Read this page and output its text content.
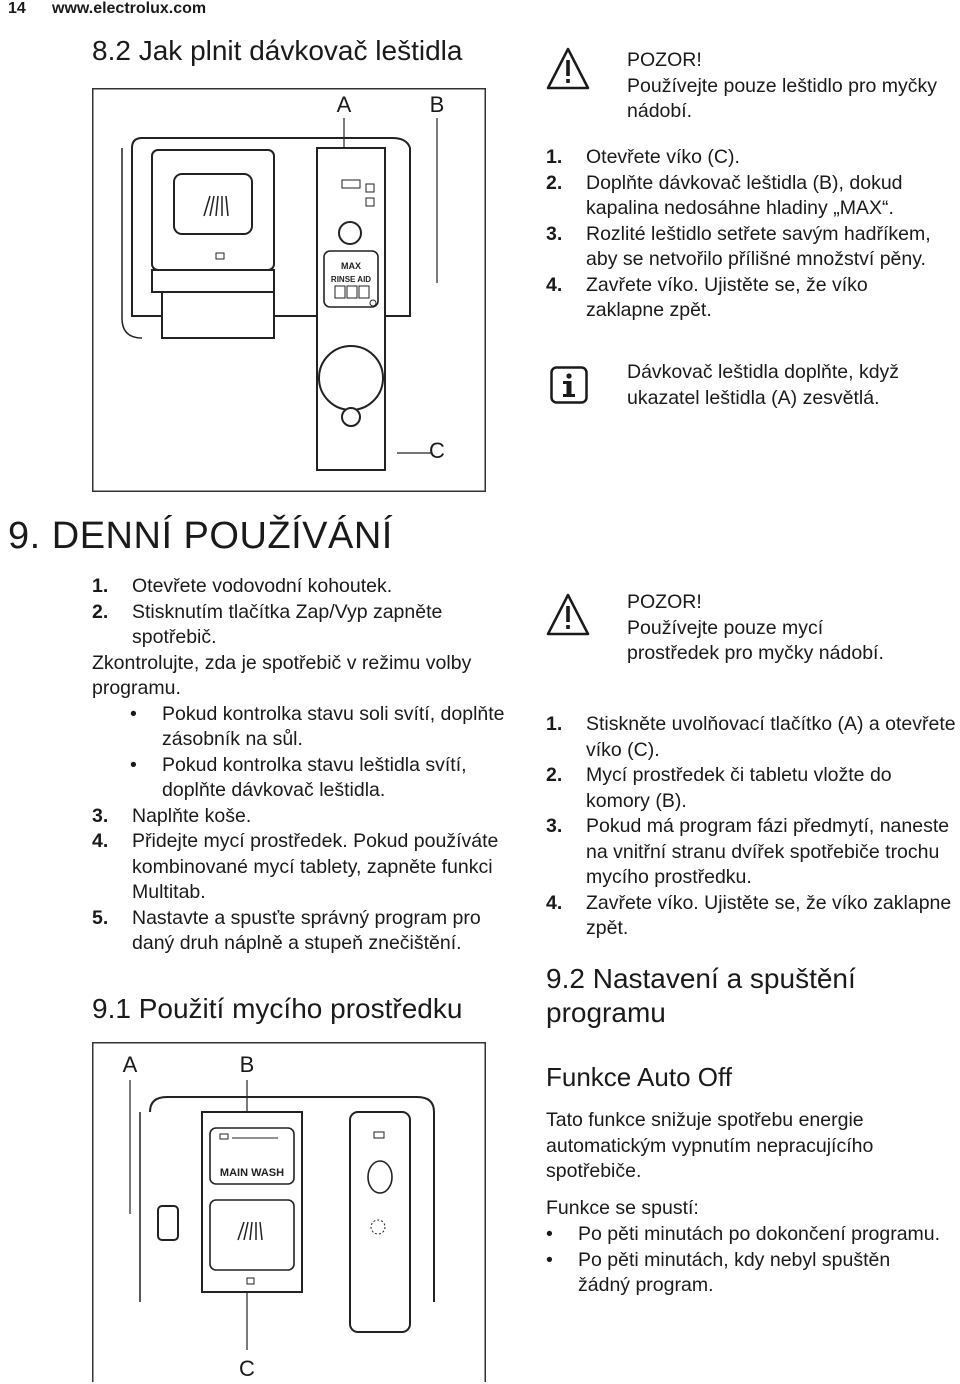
14 www.electrolux.com
8.2 Jak plnit dávkovač leštidla
A	B
C
MAX
RINSE AID
POZOR!
Používejte pouze leštidlo pro myčky nádobí.
1. Otevřete víko (C).
2. Doplňte dávkovač leštidla (B), dokud kapalina nedosáhne hladiny „MAX“.
3. Rozlité leštidlo setřete savým hadříkem, aby se netvořilo přílišné množství pěny.
4. Zavřete víko. Ujistěte se, že víko zaklapne zpět.
Dávkovač leštidla doplňte, když ukazatel leštidla (A) zesvětlá.
9. DENNÍ POUŽÍVÁNÍ
1. Otevřete vodovodní kohoutek.
2. Stisknutím tlačítka Zap/Vyp zapněte spotřebič.
Zkontrolujte, zda je spotřebič v režimu volby programu.
• Pokud kontrolka stavu soli svítí, doplňte zásobník na sůl.
• Pokud kontrolka stavu leštidla svítí, doplňte dávkovač leštidla.
3. Naplňte koše.
4. Přidejte mycí prostředek. Pokud používáte kombinované mycí tablety, zapněte funkci Multitab.
5. Nastavte a spusťte správný program pro daný druh náplně a stupeň znečištění.
9.1 Použití mycího prostředku
A	B
C
MAIN WASH
POZOR!
Používejte pouze mycí prostředek pro myčky nádobí.
1. Stiskněte uvolňovací tlačítko (A) a otevřete víko (C).
2. Mycí prostředek či tabletu vložte do komory (B).
3. Pokud má program fázi předmytí, naneste na vnitřní stranu dvířek spotřebiče trochu mycího prostředku.
4. Zavřete víko. Ujistěte se, že víko zaklapne zpět.
9.2 Nastavení a spuštění programu
Funkce Auto Off
Tato funkce snižuje spotřebu energie automatickým vypnutím nepracujícího spotřebiče.
Funkce se spustí:
• Po pěti minutách po dokončení programu.
• Po pěti minutách, kdy nebyl spuštěn žádný program.
